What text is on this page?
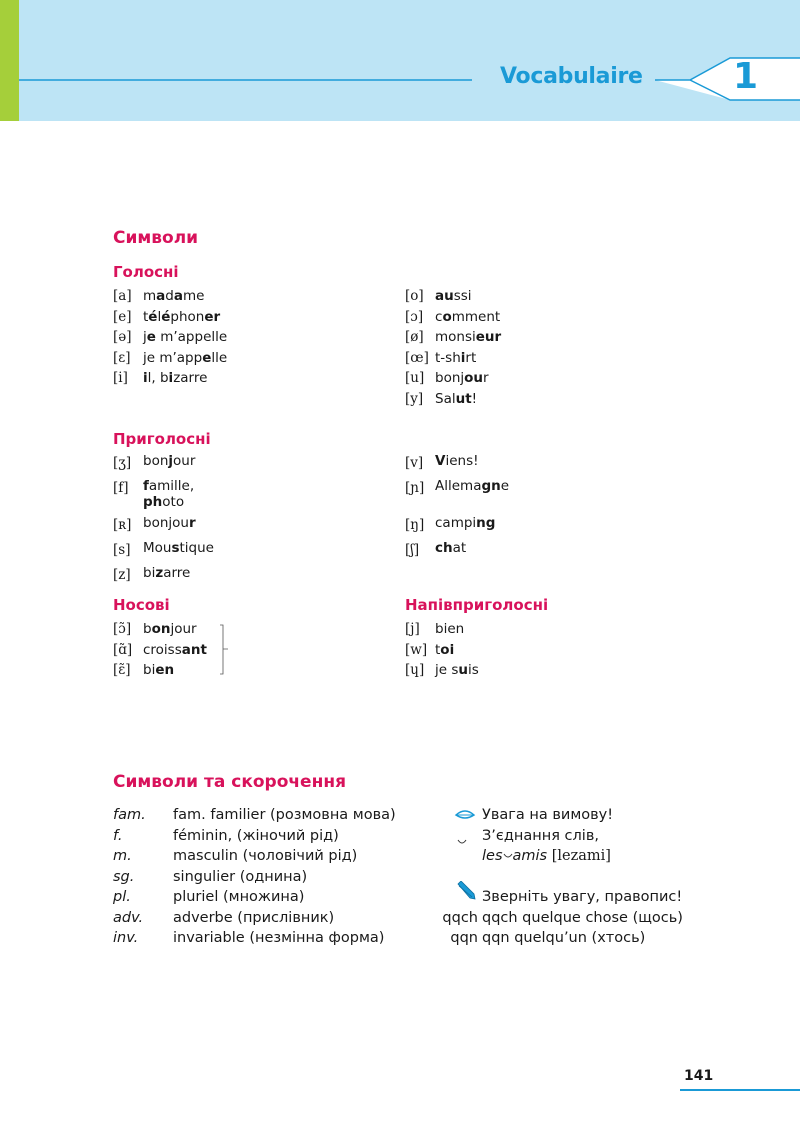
Vocabulaire	1
Символи
Голосні
[a] madame
[e] téléphoner
[ə] je m’appelle
[ɛ] je m’appelle
[i]	il, bizarre
[o] aussi
[ɔ] comment
[ø] monsieur
[œ] t-shirt
[u] bonjour
[y] Salut!
Приголосні
[ʒ] bonjour
[f]	famille,
photo
[ʀ] bonjour
[s] Moustique
[z] bizarre
[v] Viens!
[ɲ] Allemagne
[ŋ] camping
[ʃ]	chat
Носові
[ɔ̃] bonjour
[ɑ̃] croissant
[ɛ̃] bien
Напівприголосні
[j]	bien
[w] toi
[ɥ] je suis
Символи та скорочення
fam.	fam. familier (розмовна мова)
f.	féminin, (жіночий рід)
m.	masculin (чоловічий рід)
sg.	singulier (однина)
pl.	pluriel (множина)
adv.	adverbe (прислівник)
inv.	invariable (незмінна форма)
Увага на вимову!
З’єднання слів,
les amis [lezami]
Зверніть увагу, правопис!
qqch qqch quelque chose (щось)
qqn qqn quelqu’un (хтось)
141
